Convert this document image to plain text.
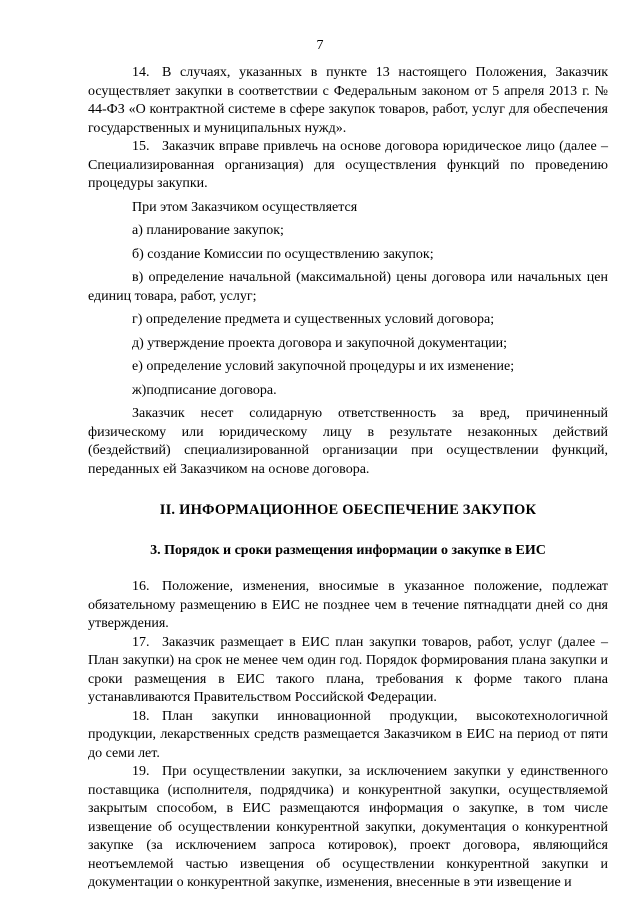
7

14. В случаях, указанных в пункте 13 настоящего Положения, Заказчик осуществляет закупки в соответствии с Федеральным законом от 5 апреля 2013 г. № 44-ФЗ «О контрактной системе в сфере закупок товаров, работ, услуг для обеспечения государственных и муниципальных нужд».

15. Заказчик вправе привлечь на основе договора юридическое лицо (далее – Специализированная организация) для осуществления функций по проведению процедуры закупки.

При этом Заказчиком осуществляется

а) планирование закупок;

б) создание Комиссии по осуществлению закупок;

в) определение начальной (максимальной) цены договора или начальных цен единиц товара, работ, услуг;

г) определение предмета и существенных условий договора;

д) утверждение проекта договора и закупочной документации;

е) определение условий закупочной процедуры и их изменение;

ж)подписание договора.

Заказчик несет солидарную ответственность за вред, причиненный физическому или юридическому лицу в результате незаконных действий (бездействий) специализированной организации при осуществлении функций, переданных ей Заказчиком на основе договора.

II. ИНФОРМАЦИОННОЕ ОБЕСПЕЧЕНИЕ ЗАКУПОК

3. Порядок и сроки размещения информации о закупке в ЕИС

16. Положение, изменения, вносимые в указанное положение, подлежат обязательному размещению в ЕИС не позднее чем в течение пятнадцати дней со дня утверждения.

17. Заказчик размещает в ЕИС план закупки товаров, работ, услуг (далее – План закупки) на срок не менее чем один год. Порядок формирования плана закупки и сроки размещения в ЕИС такого плана, требования к форме такого плана устанавливаются Правительством Российской Федерации.

18. План закупки инновационной продукции, высокотехнологичной продукции, лекарственных средств размещается Заказчиком в ЕИС на период от пяти до семи лет.

19. При осуществлении закупки, за исключением закупки у единственного поставщика (исполнителя, подрядчика) и конкурентной закупки, осуществляемой закрытым способом, в ЕИС размещаются информация о закупке, в том числе извещение об осуществлении конкурентной закупки, документация о конкурентной закупке (за исключением запроса котировок), проект договора, являющийся неотъемлемой частью извещения об осуществлении конкурентной закупки и документации о конкурентной закупке, изменения, внесенные в эти извещение и
